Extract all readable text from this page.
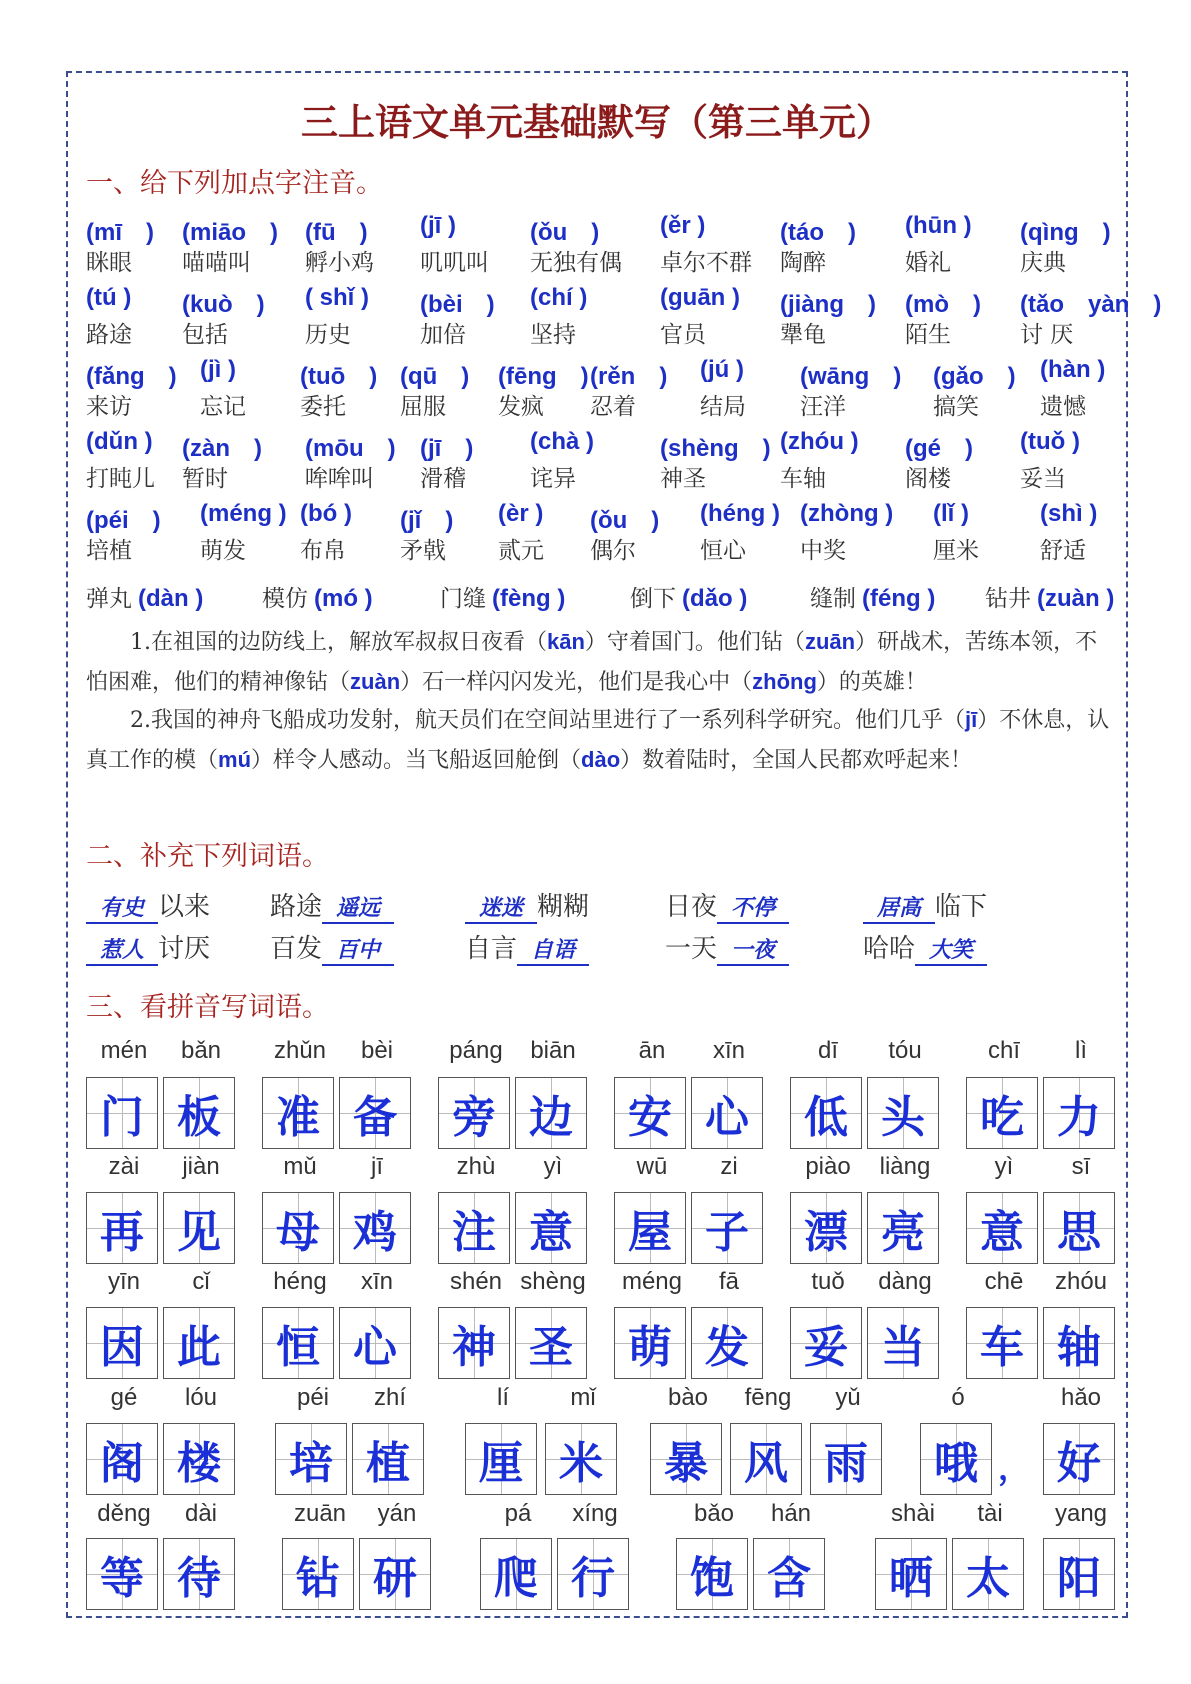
三上语文单元基础默写（第三单元）
一、给下列加点字注音。
(mī　) (miāo　) (fū　) (jī )	(ǒu　)	(ěr )	(táo　) (hūn ) (qìng　)
眯眼 喵喵叫 孵小鸡 叽叽叫 无独有偶 卓尔不群 陶醉	婚礼	庆典
(tú ) (kuò　) ( shǐ ) (bèi　) (chí )	(guān ) (jiàng　) (mò　) (tǎo　yàn　)
路途 包括	历史	加倍	坚持	官员	犟龟	陌生	讨 厌
(fǎng　) (jì )	(tuō　) (qū　) (fēng　) (rěn　) (jú ) (wāng　) (gǎo　) (hàn )
来访	忘记 委托 屈服 发疯 忍着	结局 汪洋	搞笑	遗憾
(dǔn ) (zàn　) (mōu　) (jī　) (chà )	(shèng　) (zhóu ) (gé　) (tuǒ )
打盹儿 暂时	哞哞叫 滑稽	诧异	神圣	车轴	阁楼	妥当
(péi　) (méng ) (bó ) (jǐ　) (èr ) (ǒu　) (héng ) (zhòng ) (lǐ )	(shì )
培植	萌发 布帛 矛戟 贰元 偶尔	恒心 中奖	厘米	舒适
弹丸 (dàn )	模仿 (mó )	门缝 (fèng )	倒下 (dǎo )	缝制 (féng ) 钻井 (zuàn )
1.在祖国的边防线上，解放军叔叔日夜看（kān）守着国门。他们钻（zuān）研战术，苦练本领，不怕困难，他们的精神像钻（zuàn）石一样闪闪发光，他们是我心中（zhōng）的英雄！
2.我国的神舟飞船成功发射，航天员们在空间站里进行了一系列科学研究。他们几乎（jī）不休息，认真工作的模（mú）样令人感动。当飞船返回舱倒（dào）数着陆时，全国人民都欢呼起来！
二、补充下列词语。
有史 以来 路途 遥远	迷迷 糊糊	日夜 不停	居高 临下
惹人 讨厌 百发 百中	自言 自语	一天 一夜	哈哈 大笑
三、看拼音写词语。
mén	bǎn	zhǔn	bèi	páng	biān	ān	xīn	dī	tóu	chī	lì
门 板 准 备 旁 边 安 心 低 头 吃 力
zài	jiàn	mǔ	jī	zhù	yì	wū	zi	piào	liàng	yì	sī
再 见 母 鸡 注 意 屋 子 漂 亮 意 思
yīn	cǐ	héng	xīn	shén shèng	méng	fā	tuǒ	dàng	chē	zhóu
因 此 恒 心 神 圣 萌 发 妥 当 车 轴
gé	lóu	péi	zhí	lí	mǐ	bào	fēng	yǔ	ó	hǎo
阁 楼 培 植 厘 米 暴 风 雨 哦 好
，
děng	dài	zuān	yán	pá	xíng	bǎo	hán	shài	tài	yang
等 待 钻 研 爬 行 饱 含 晒 太 阳
